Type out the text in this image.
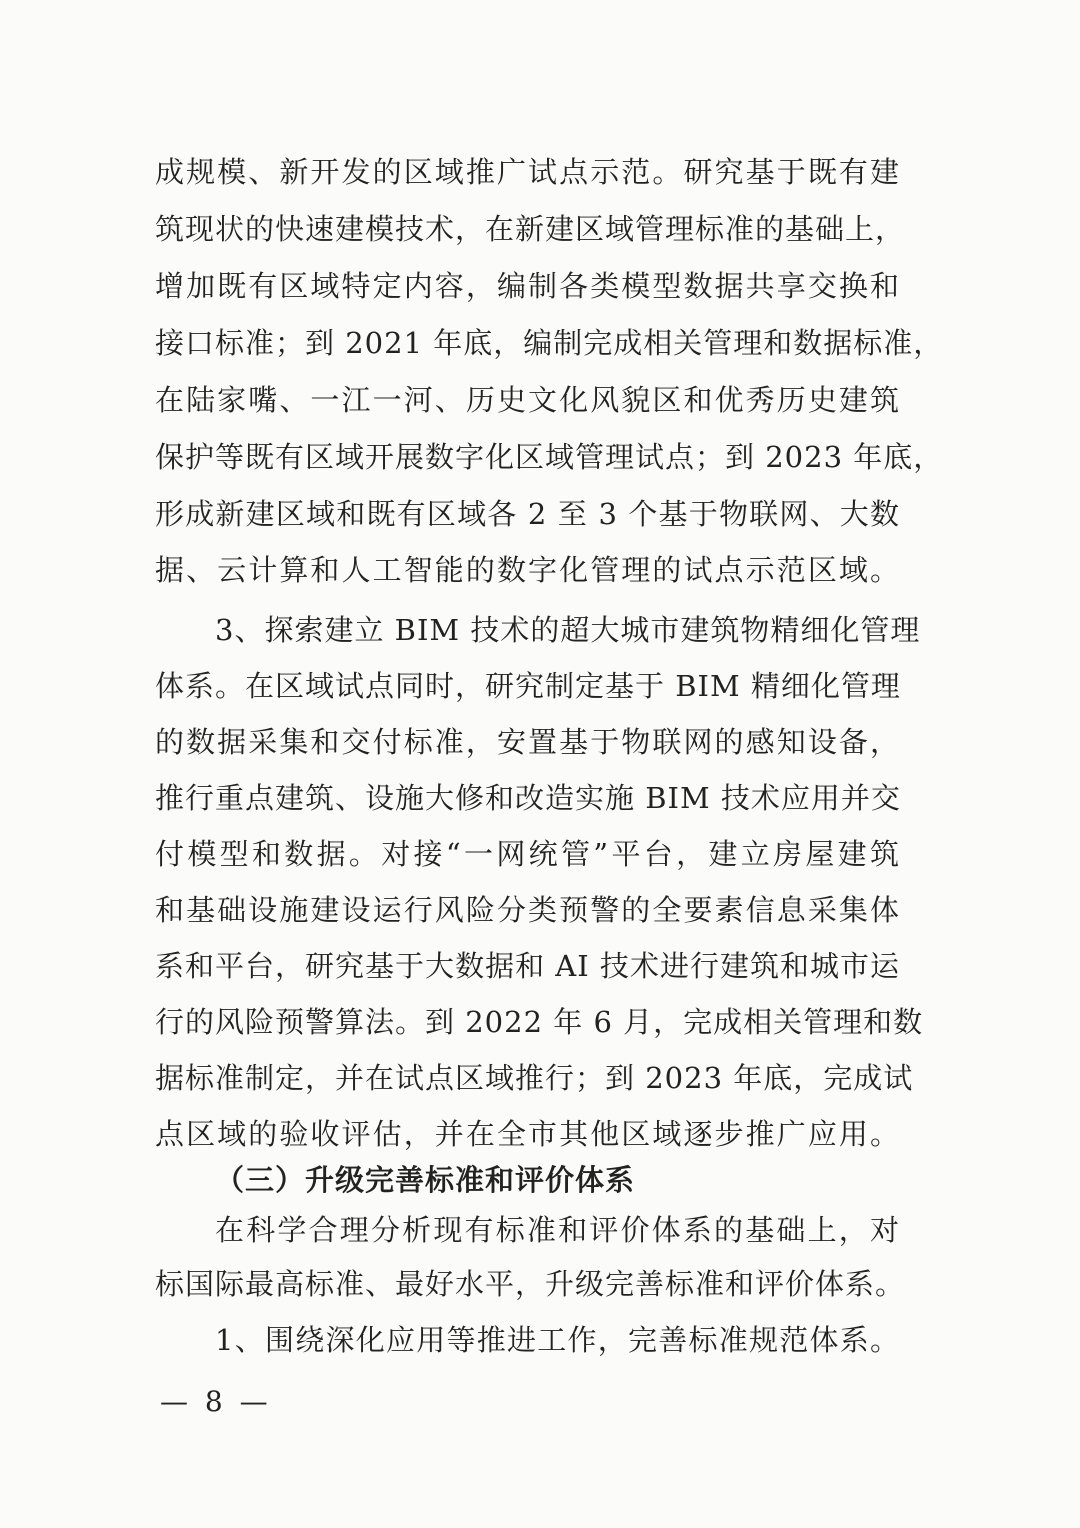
成规模、新开发的区域推广试点示范。研究基于既有建
筑现状的快速建模技术，在新建区域管理标准的基础上，
增加既有区域特定内容，编制各类模型数据共享交换和
接口标准；到 2021 年底，编制完成相关管理和数据标准，
在陆家嘴、一江一河、历史文化风貌区和优秀历史建筑
保护等既有区域开展数字化区域管理试点；到 2023 年底，
形成新建区域和既有区域各 2 至 3 个基于物联网、大数
据、云计算和人工智能的数字化管理的试点示范区域。
3、探索建立 BIM 技术的超大城市建筑物精细化管理
体系。在区域试点同时，研究制定基于 BIM 精细化管理
的数据采集和交付标准，安置基于物联网的感知设备，
推行重点建筑、设施大修和改造实施 BIM 技术应用并交
付模型和数据。对接“一网统管”平台，建立房屋建筑
和基础设施建设运行风险分类预警的全要素信息采集体
系和平台，研究基于大数据和 AI 技术进行建筑和城市运
行的风险预警算法。到 2022 年 6 月，完成相关管理和数
据标准制定，并在试点区域推行；到 2023 年底，完成试
点区域的验收评估，并在全市其他区域逐步推广应用。
（三）升级完善标准和评价体系
在科学合理分析现有标准和评价体系的基础上，对
标国际最高标准、最好水平，升级完善标准和评价体系。
1、围绕深化应用等推进工作，完善标准规范体系。
— 8 —
